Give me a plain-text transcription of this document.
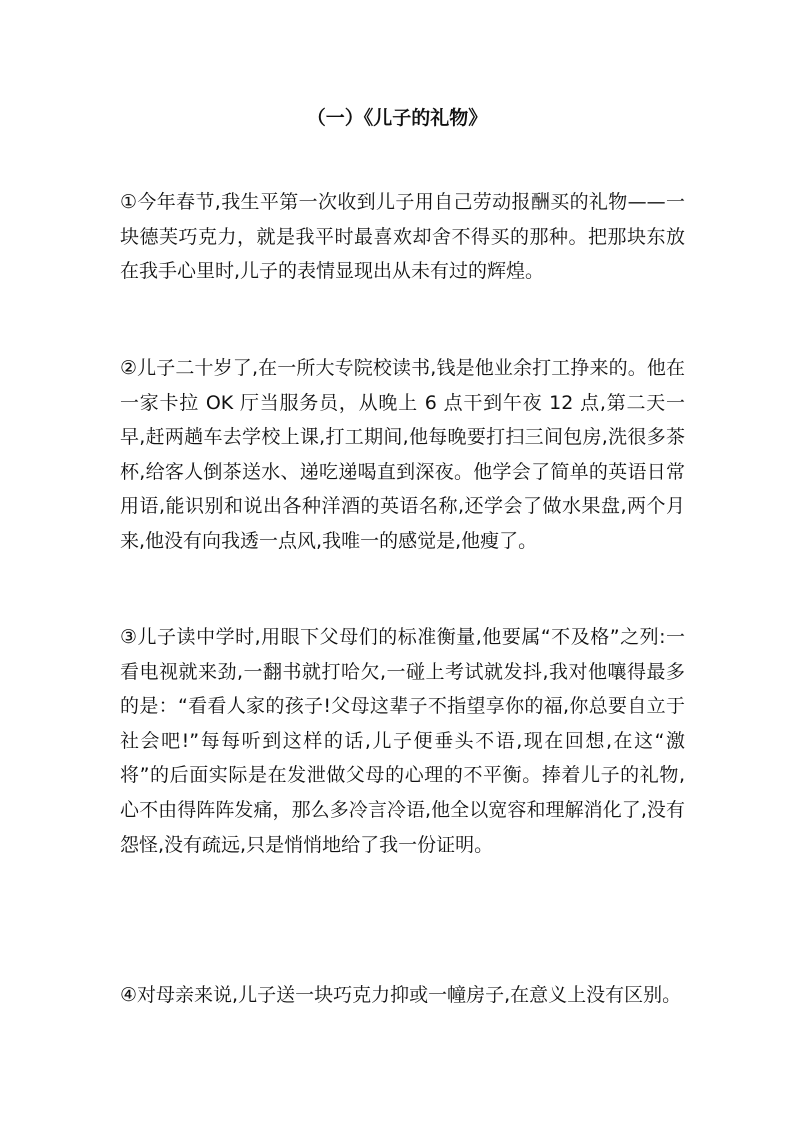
（一）《儿子的礼物》

①今年春节,我生平第一次收到儿子用自己劳动报酬买的礼物——一块德芙巧克力，就是我平时最喜欢却舍不得买的那种。把那块东放在我手心里时,儿子的表情显现出从未有过的辉煌。

②儿子二十岁了,在一所大专院校读书,钱是他业余打工挣来的。他在一家卡拉 OK 厅当服务员，从晚上 6 点干到午夜 12 点,第二天一早,赶两趟车去学校上课,打工期间,他每晚要打扫三间包房,洗很多茶杯,给客人倒茶送水、递吃递喝直到深夜。他学会了简单的英语日常用语,能识别和说出各种洋酒的英语名称,还学会了做水果盘,两个月来,他没有向我透一点风,我唯一的感觉是,他瘦了。

③儿子读中学时,用眼下父母们的标准衡量,他要属“不及格”之列:一看电视就来劲,一翻书就打哈欠,一碰上考试就发抖,我对他嚷得最多的是：“看看人家的孩子!父母这辈子不指望享你的福,你总要自立于社会吧!”每每听到这样的话,儿子便垂头不语,现在回想,在这“激将”的后面实际是在发泄做父母的心理的不平衡。捧着儿子的礼物,心不由得阵阵发痛，那么多冷言冷语,他全以宽容和理解消化了,没有怨怪,没有疏远,只是悄悄地给了我一份证明。

④对母亲来说,儿子送一块巧克力抑或一幢房子,在意义上没有区别。
